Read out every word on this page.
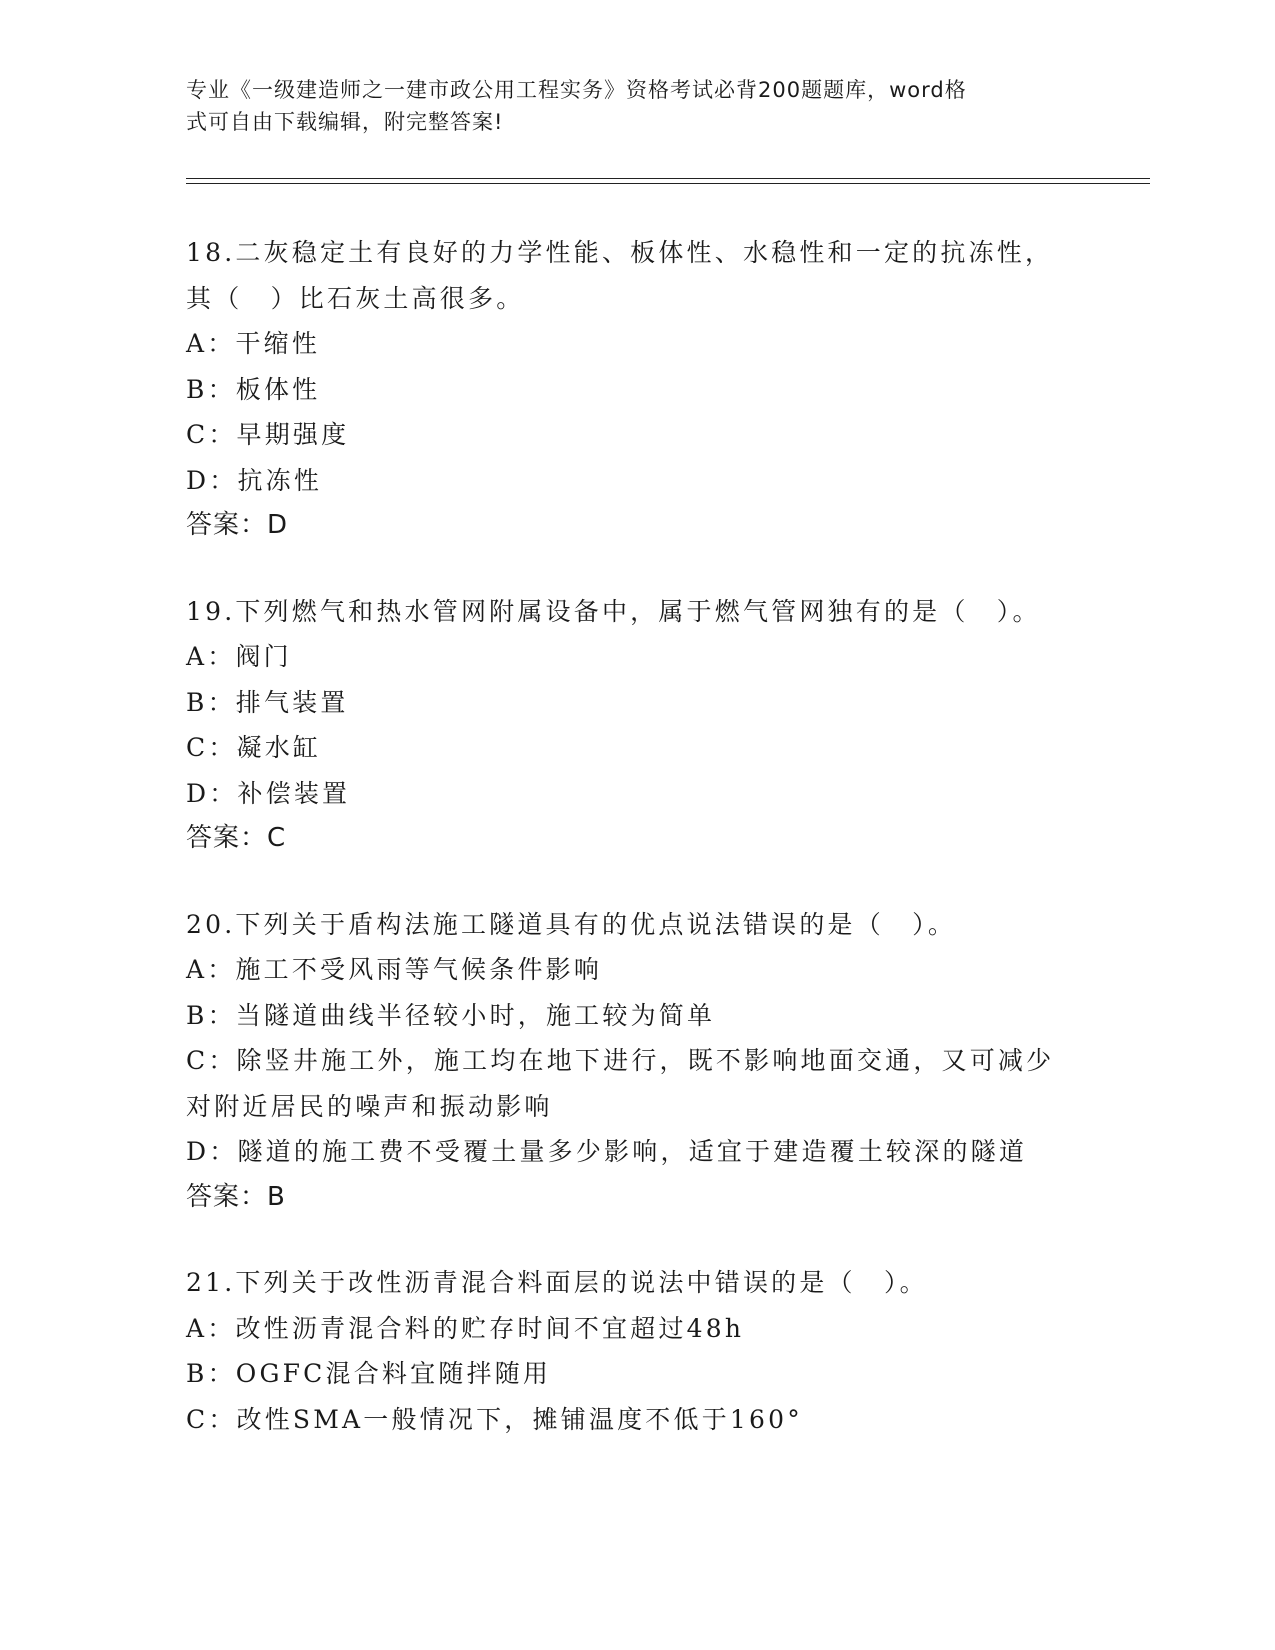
专业《一级建造师之一建市政公用工程实务》资格考试必背200题题库，word格
式可自由下载编辑，附完整答案!

18.二灰稳定土有良好的力学性能、板体性、水稳性和一定的抗冻性，

其（　）比石灰土高很多。

A：干缩性

B：板体性

C：早期强度

D：抗冻性

答案：D

19.下列燃气和热水管网附属设备中，属于燃气管网独有的是（　）。

A：阀门

B：排气装置

C：凝水缸

D：补偿装置

答案：C

20.下列关于盾构法施工隧道具有的优点说法错误的是（　）。

A：施工不受风雨等气候条件影响

B：当隧道曲线半径较小时，施工较为简单

C：除竖井施工外，施工均在地下进行，既不影响地面交通，又可减少

对附近居民的噪声和振动影响

D：隧道的施工费不受覆土量多少影响，适宜于建造覆土较深的隧道

答案：B

21.下列关于改性沥青混合料面层的说法中错误的是（　）。

A：改性沥青混合料的贮存时间不宜超过48h

B：OGFC混合料宜随拌随用

C：改性SMA一般情况下，摊铺温度不低于160°
